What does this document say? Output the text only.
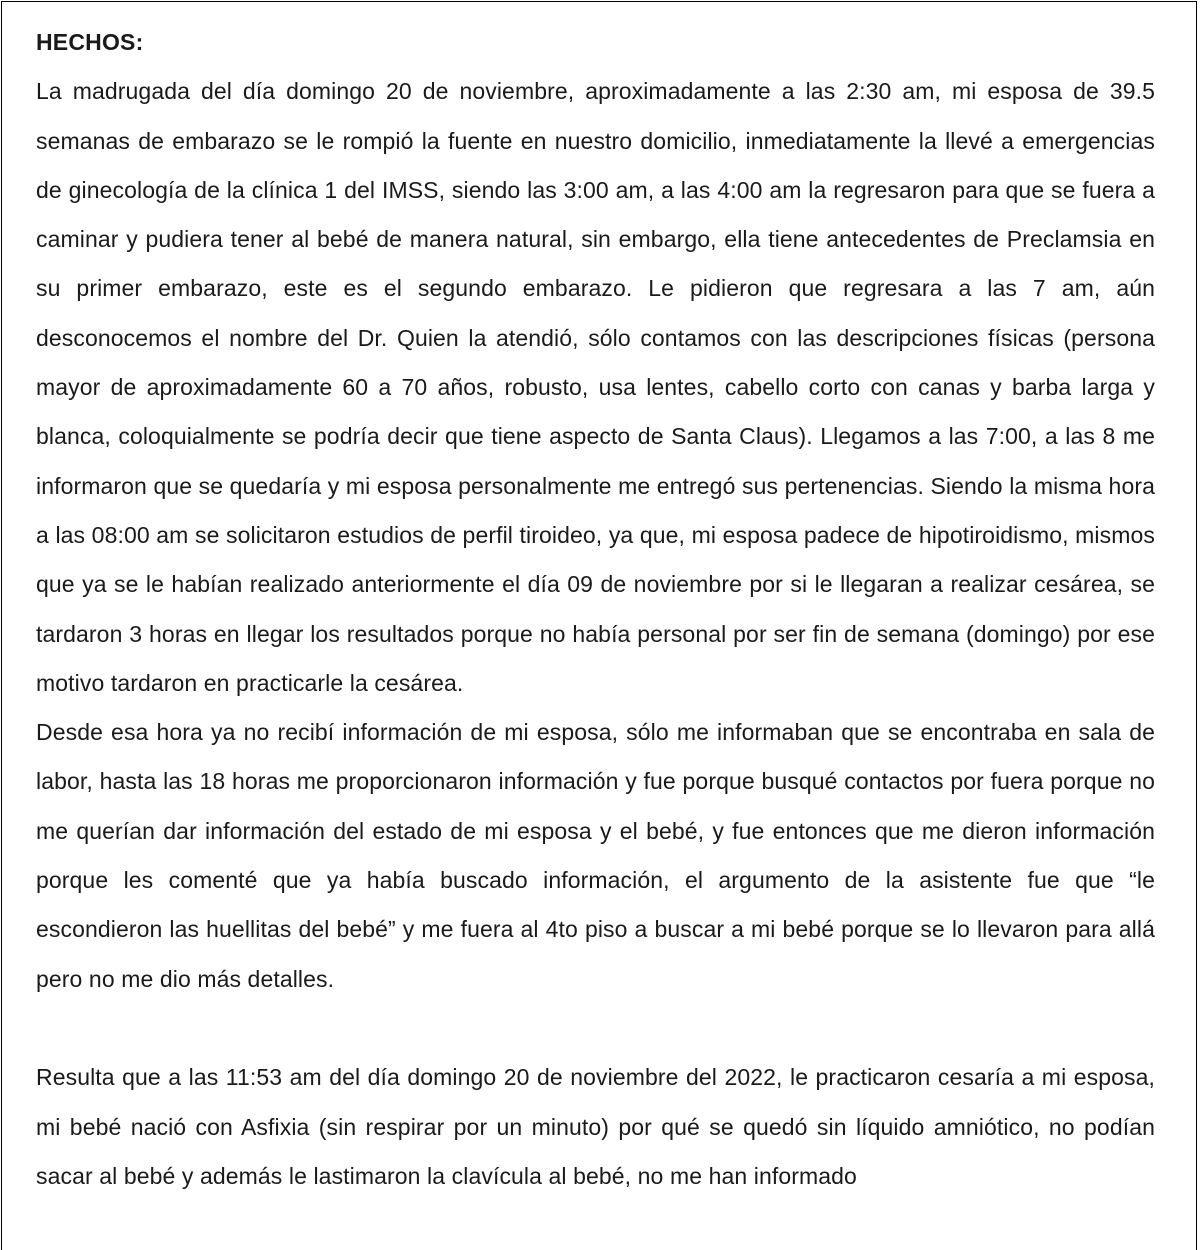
HECHOS:

La madrugada del día domingo 20 de noviembre, aproximadamente a las 2:30 am, mi esposa de 39.5 semanas de embarazo se le rompió la fuente en nuestro domicilio, inmediatamente la llevé a emergencias de ginecología de la clínica 1 del IMSS, siendo las 3:00 am, a las 4:00 am la regresaron para que se fuera a caminar y pudiera tener al bebé de manera natural, sin embargo, ella tiene antecedentes de Preclamsia en su primer embarazo, este es el segundo embarazo. Le pidieron que regresara a las 7 am, aún desconocemos el nombre del Dr. Quien la atendió, sólo contamos con las descripciones físicas (persona mayor de aproximadamente 60 a 70 años, robusto, usa lentes, cabello corto con canas y barba larga y blanca, coloquialmente se podría decir que tiene aspecto de Santa Claus). Llegamos a las 7:00, a las 8 me informaron que se quedaría y mi esposa personalmente me entregó sus pertenencias. Siendo la misma hora a las 08:00 am se solicitaron estudios de perfil tiroideo, ya que, mi esposa padece de hipotiroidismo, mismos que ya se le habían realizado anteriormente el día 09 de noviembre por si le llegaran a realizar cesárea, se tardaron 3 horas en llegar los resultados porque no había personal por ser fin de semana (domingo) por ese motivo tardaron en practicarle la cesárea.

Desde esa hora ya no recibí información de mi esposa, sólo me informaban que se encontraba en sala de labor, hasta las 18 horas me proporcionaron información y fue porque busqué contactos por fuera porque no me querían dar información del estado de mi esposa y el bebé, y fue entonces que me dieron información porque les comenté que ya había buscado información, el argumento de la asistente fue que “le escondieron las huellitas del bebé” y me fuera al 4to piso a buscar a mi bebé porque se lo llevaron para allá pero no me dio más detalles.

Resulta que a las 11:53 am del día domingo 20 de noviembre del 2022, le practicaron cesaría a mi esposa, mi bebé nació con Asfixia (sin respirar por un minuto) por qué se quedó sin líquido amniótico, no podían sacar al bebé y además le lastimaron la clavícula al bebé, no me han informado
